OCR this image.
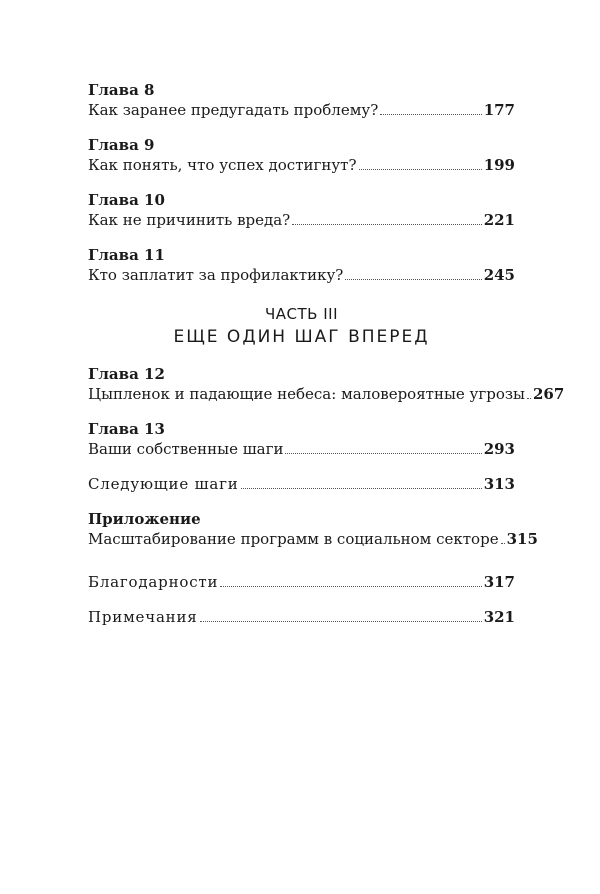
Глава 8
Как заранее предугадать проблему?	177
Глава 9
Как понять, что успех достигнут?	199
Глава 10
Как не причинить вреда?	221
Глава 11
Кто заплатит за профилактику?	245
ЧАСТЬ III
ЕЩЕ ОДИН ШАГ ВПЕРЕД
Глава 12
Цыпленок и падающие небеса: маловероятные угрозы 267
Глава 13
Ваши собственные шаги	293
Следующие шаги	313
Приложение
Масштабирование программ в социальном секторе 315
Благодарности	317
Примечания	321
